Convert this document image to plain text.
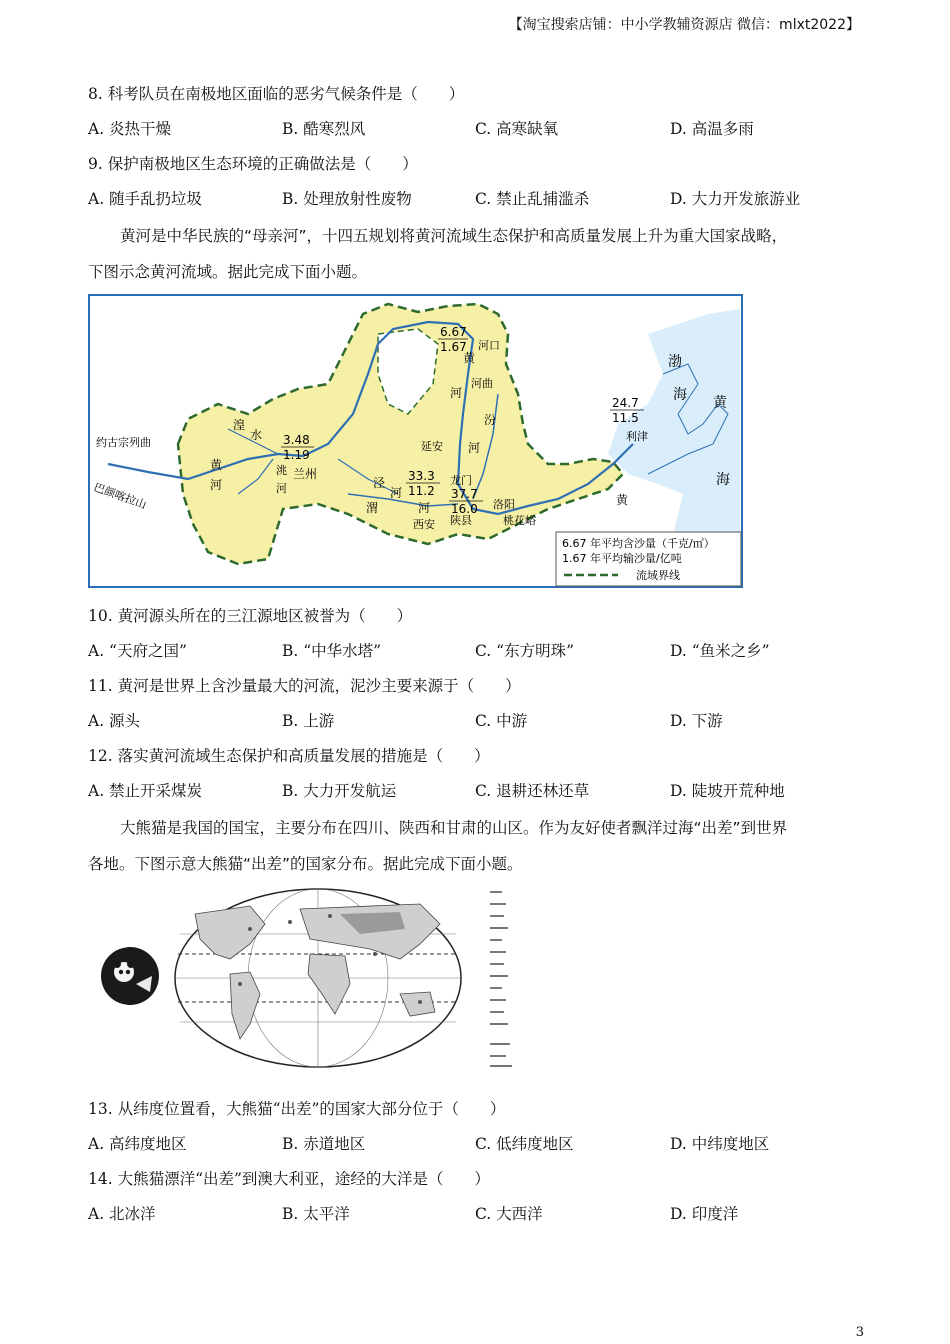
【淘宝搜索店铺：中小学教辅资源店 微信：mlxt2022】
8. 科考队员在南极地区面临的恶劣气候条件是（　　）
A. 炎热干燥	B. 酷寒烈风	C. 高寒缺氧	D. 高温多雨
9. 保护南极地区生态环境的正确做法是（　　）
A. 随手乱扔垃圾	B. 处理放射性废物	C. 禁止乱捕滥杀	D. 大力开发旅游业
黄河是中华民族的“母亲河”，十四五规划将黄河流域生态保护和高质量发展上升为重大国家战略，
下图示念黄河流域。据此完成下面小题。
约古宗列曲
巴颜喀拉山
黄
河
湟
水
洮
河
兰州
河口
河曲
延安
龙门
陕县
洛阳
西安	桃花峪
利津
泾
河
渭	河
汾
河
河
黄	渤
海 黄
海
黄
6.67
1.67
3.48
1.19
33.3
11.2 37.7
16.0
24.7
11.5
6.67 年平均含沙量（千克/㎥）
1.67 年平均输沙量/亿吨
流域界线
10. 黄河源头所在的三江源地区被誉为（　　）
A. “天府之国”	B. “中华水塔”	C. “东方明珠”	D. “鱼米之乡”
11. 黄河是世界上含沙量最大的河流，泥沙主要来源于（　　）
A. 源头	B. 上游	C. 中游	D. 下游
12. 落实黄河流域生态保护和高质量发展的措施是（　　）
A. 禁止开采煤炭	B. 大力开发航运	C. 退耕还林还草	D. 陡坡开荒种地
大熊猫是我国的国宝，主要分布在四川、陕西和甘肃的山区。作为友好使者飘洋过海“出差”到世界
各地。下图示意大熊猫“出差”的国家分布。据此完成下面小题。
13. 从纬度位置看，大熊猫“出差”的国家大部分位于（　　）
A. 高纬度地区	B. 赤道地区	C. 低纬度地区	D. 中纬度地区
14. 大熊猫漂洋“出差”到澳大利亚，途经的大洋是（　　）
A. 北冰洋	B. 太平洋	C. 大西洋	D. 印度洋
3
